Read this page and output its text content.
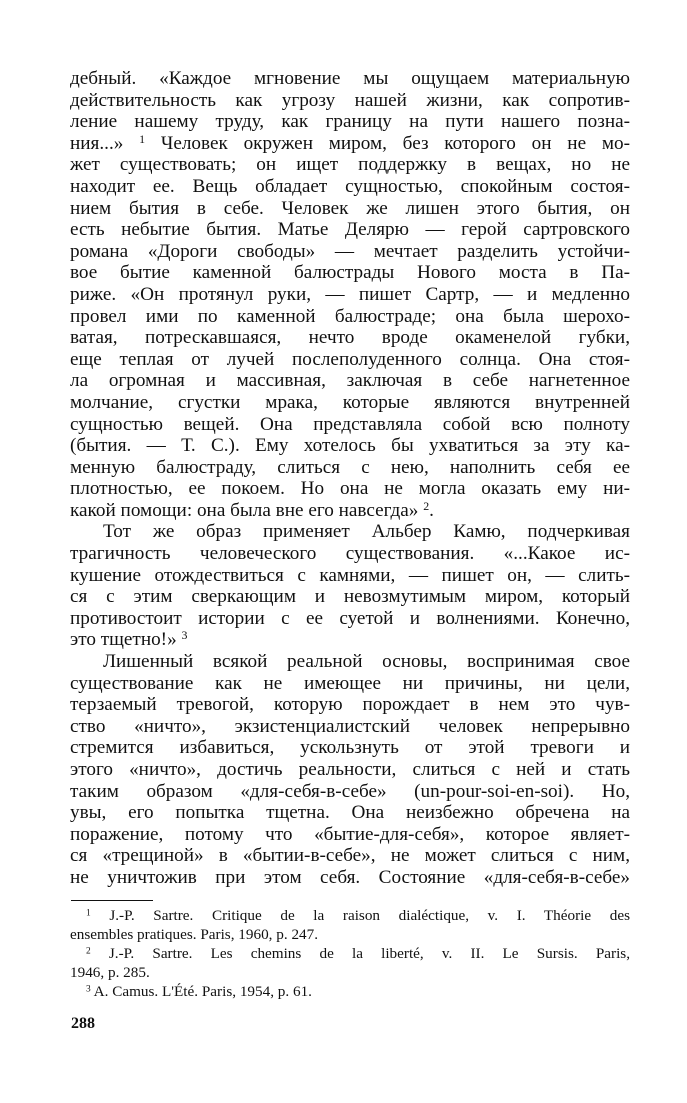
дебный. «Каждое мгновение мы ощущаем материальную
действительность как угрозу нашей жизни, как сопротив-
ление нашему труду, как границу на пути нашего позна-
ния...» $^1$ Человек окружен миром, без которого он не мо-
жет существовать; он ищет поддержку в вещах, но не
находит ее. Вещь обладает сущностью, спокойным состоя-
нием бытия в себе. Человек же лишен этого бытия, он
есть небытие бытия. Матье Делярю — герой сартровского
романа «Дороги свободы» — мечтает разделить устойчи-
вое бытие каменной балюстрады Нового моста в Па-
риже. «Он протянул руки, — пишет Сартр, — и медленно
провел ими по каменной балюстраде; она была шерохо-
ватая, потрескавшаяся, нечто вроде окаменелой губки,
еще теплая от лучей послеполуденного солнца. Она стоя-
ла огромная и массивная, заключая в себе нагнетенное
молчание, сгустки мрака, которые являются внутренней
сущностью вещей. Она представляла собой всю полноту
(бытия. — Т. С.). Ему хотелось бы ухватиться за эту ка-
менную балюстраду, слиться с нею, наполнить себя ее
плотностью, ее покоем. Но она не могла оказать ему ни-
какой помощи: она была вне его навсегда» $^2$.
Тот же образ применяет Альбер Камю, подчеркивая
трагичность человеческого существования. «...Какое ис-
кушение отождествиться с камнями, — пишет он, — слить-
ся с этим сверкающим и невозмутимым миром, который
противостоит истории с ее суетой и волнениями. Конечно,
это тщетно!» $^3$
Лишенный всякой реальной основы, воспринимая свое
существование как не имеющее ни причины, ни цели,
терзаемый тревогой, которую порождает в нем это чув-
ство «ничто», экзистенциалистский человек непрерывно
стремится избавиться, ускользнуть от этой тревоги и
этого «ничто», достичь реальности, слиться с ней и стать
таким образом «для-себя-в-себе» (un-pour-soi-en-soi). Но,
увы, его попытка тщетна. Она неизбежно обречена на
поражение, потому что «бытие-для-себя», которое являет-
ся «трещиной» в «бытии-в-себе», не может слиться с ним,
не уничтожив при этом себя. Состояние «для-себя-в-себе»
$^1$ J.-P. Sartre. Critique de la raison dialéctique, v. I. Théorie des
ensembles pratiques. Paris, 1960, p. 247.
$^2$ J.-P. Sartre. Les chemins de la liberté, v. II. Le Sursis. Paris,
1946, p. 285.
$^3$ A. Camus. L'Été. Paris, 1954, p. 61.
288
